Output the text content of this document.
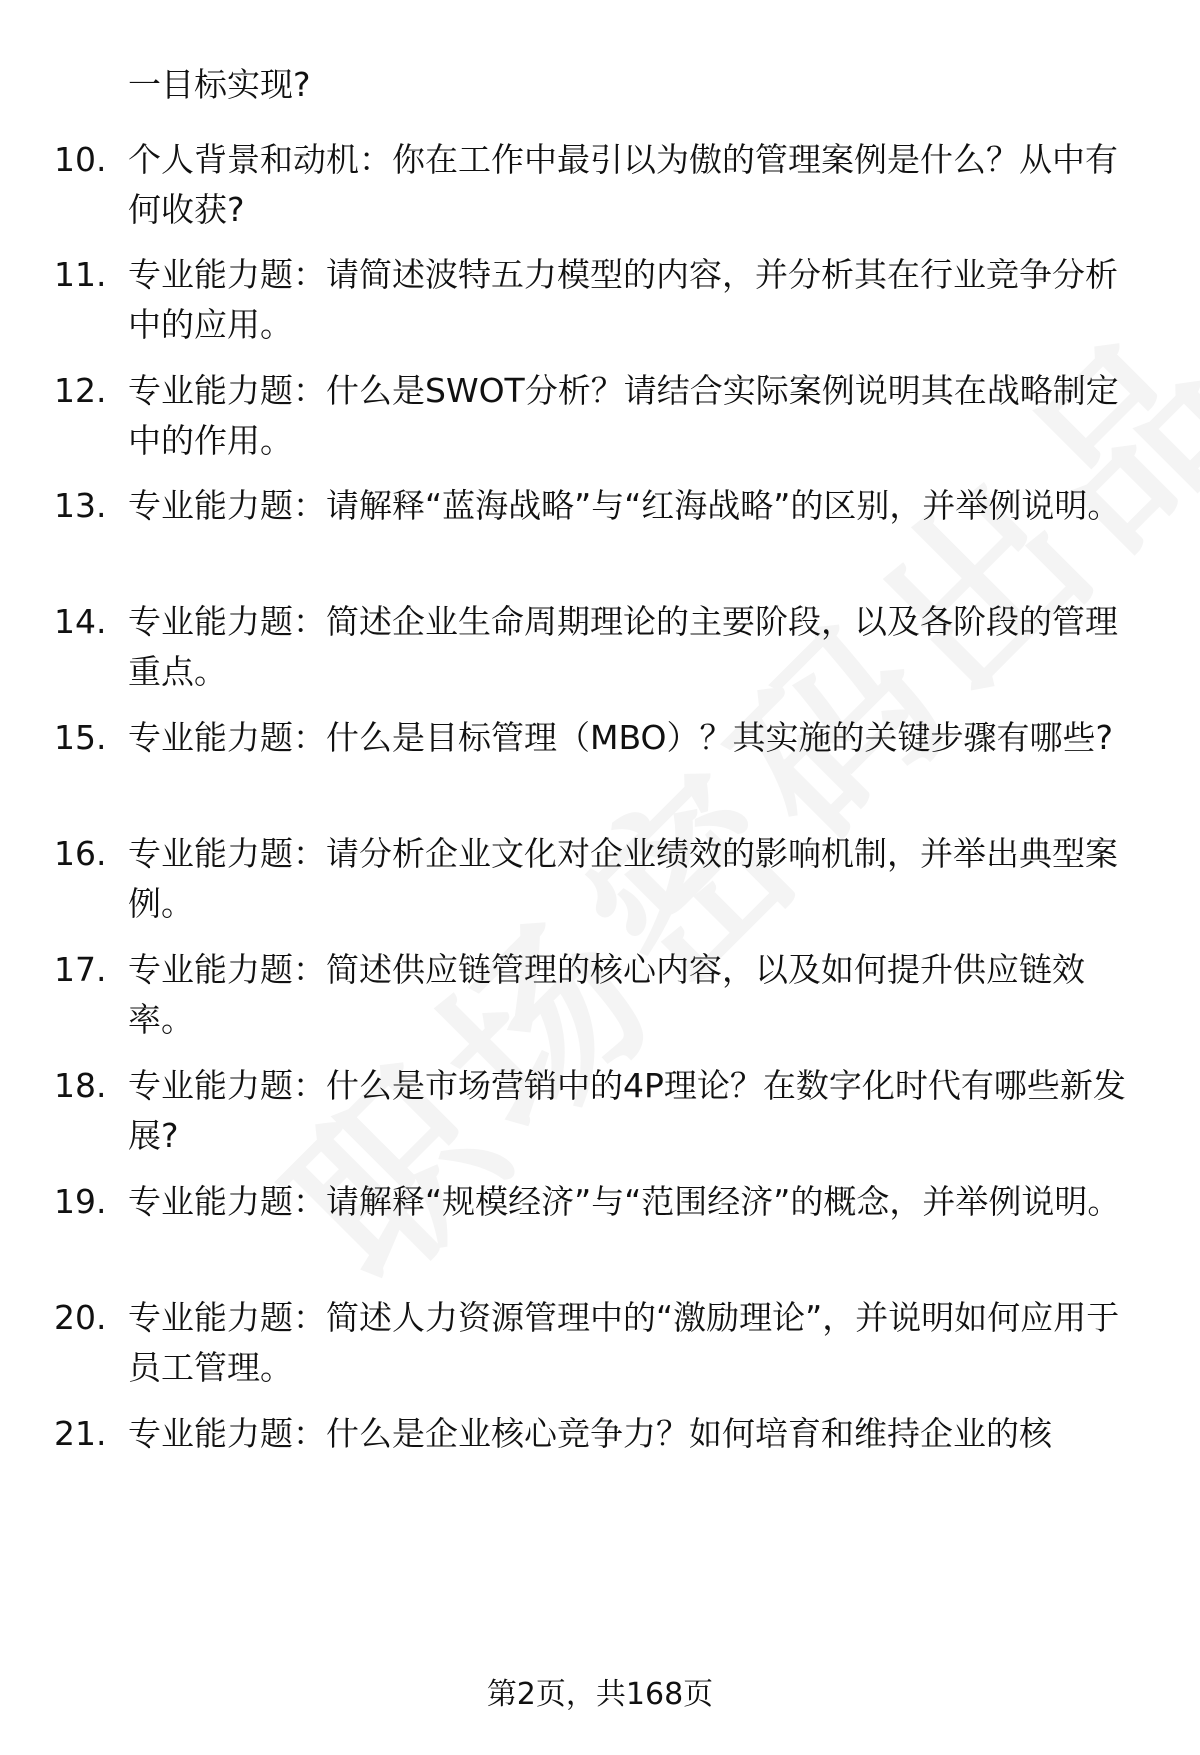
一目标实现?
10. 个人背景和动机：你在工作中最引以为傲的管理案例是什么？从中有何收获?
11. 专业能力题：请简述波特五力模型的内容，并分析其在行业竞争分析中的应用。
12. 专业能力题：什么是SWOT分析？请结合实际案例说明其在战略制定中的作用。
13. 专业能力题：请解释“蓝海战略”与“红海战略”的区别，并举例说明。
14. 专业能力题：简述企业生命周期理论的主要阶段，以及各阶段的管理重点。
15. 专业能力题：什么是目标管理（MBO）？其实施的关键步骤有哪些?
16. 专业能力题：请分析企业文化对企业绩效的影响机制，并举出典型案例。
17. 专业能力题：简述供应链管理的核心内容，以及如何提升供应链效率。
18. 专业能力题：什么是市场营销中的4P理论？在数字化时代有哪些新发展?
19. 专业能力题：请解释“规模经济”与“范围经济”的概念，并举例说明。
20. 专业能力题：简述人力资源管理中的“激励理论”，并说明如何应用于员工管理。
21. 专业能力题：什么是企业核心竞争力？如何培育和维持企业的核
第2页，共168页
